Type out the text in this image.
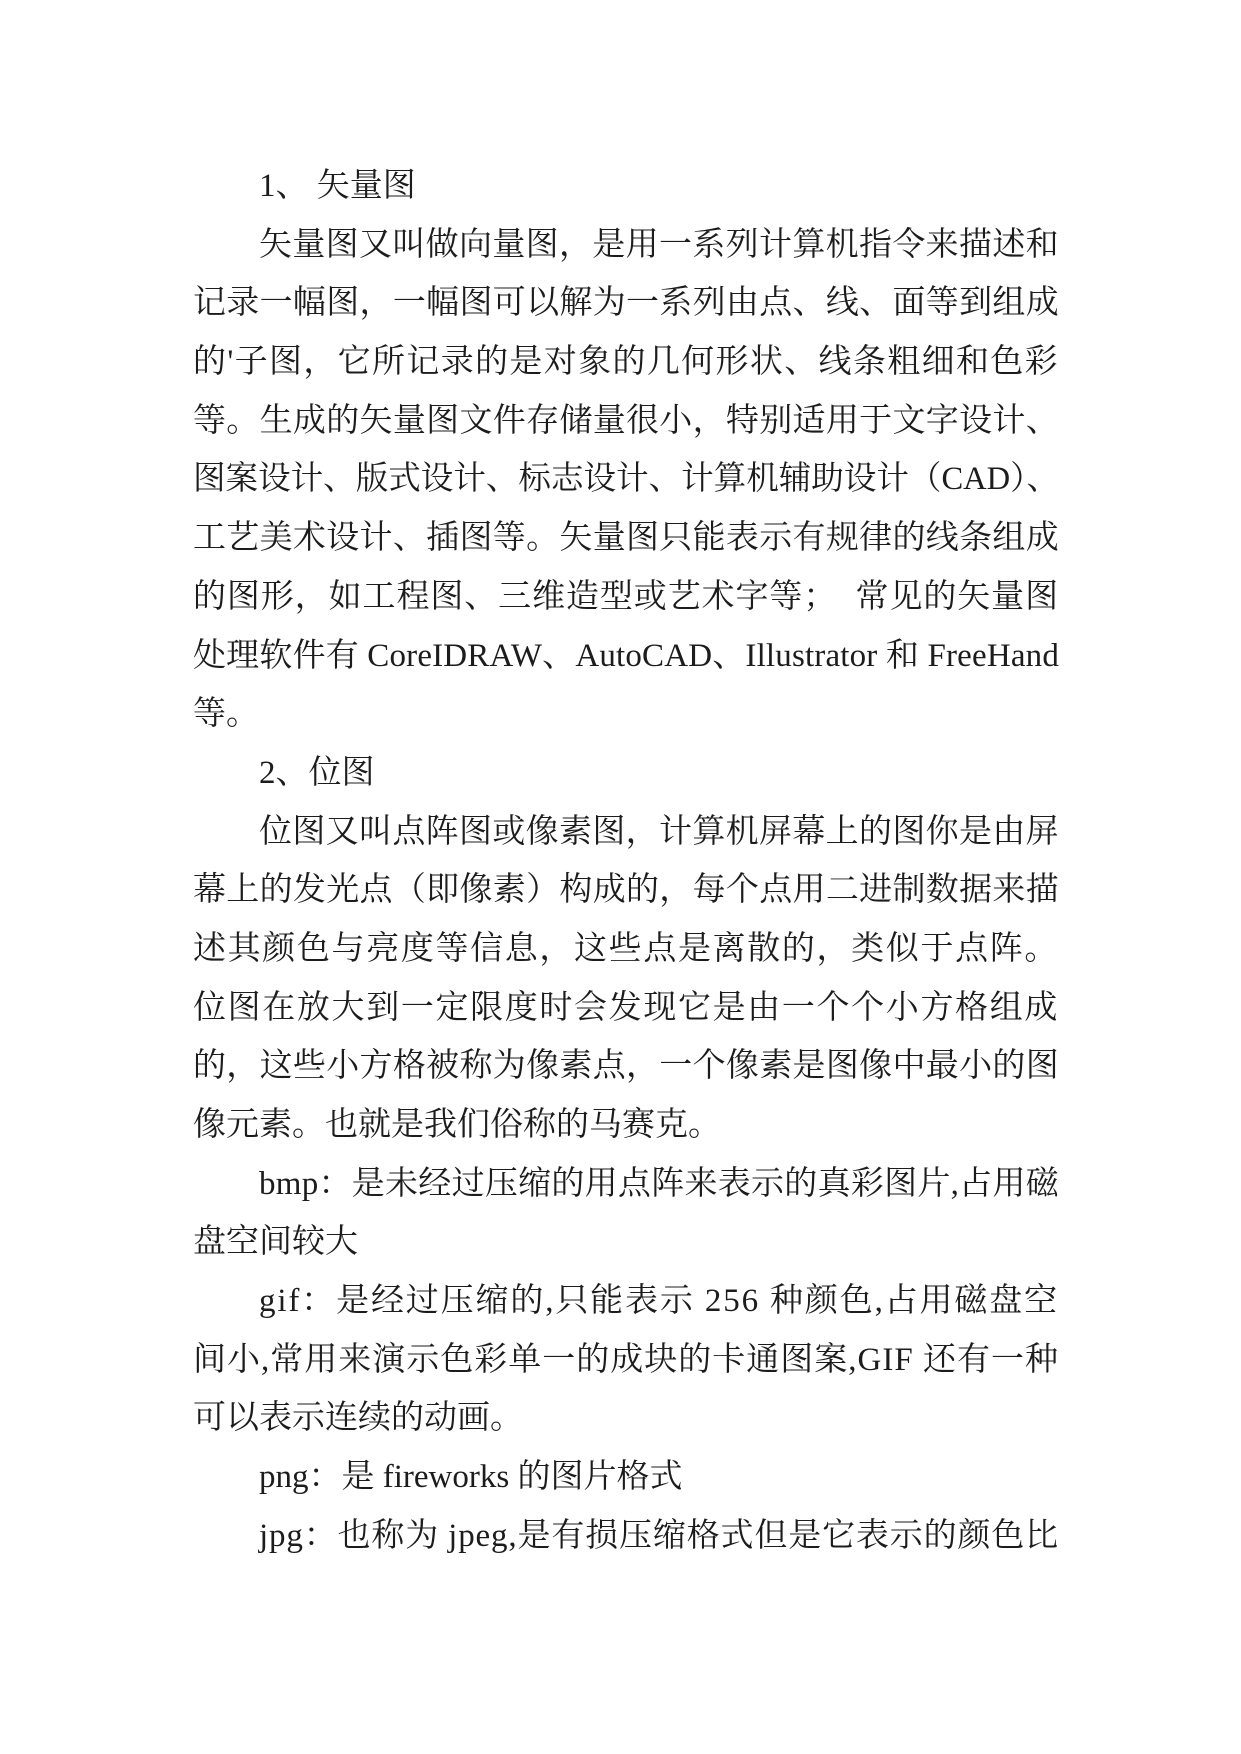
1、 矢量图
矢量图又叫做向量图，是用一系列计算机指令来描述和
记录一幅图，一幅图可以解为一系列由点、线、面等到组成
的'子图，它所记录的是对象的几何形状、线条粗细和色彩
等。生成的矢量图文件存储量很小，特别适用于文字设计、
图案设计、版式设计、标志设计、计算机辅助设计（CAD）、
工艺美术设计、插图等。矢量图只能表示有规律的线条组成
的图形，如工程图、三维造型或艺术字等；  常见的矢量图
处理软件有 CoreIDRAW、AutoCAD、Illustrator 和 FreeHand
等。
2、位图
位图又叫点阵图或像素图，计算机屏幕上的图你是由屏
幕上的发光点（即像素）构成的，每个点用二进制数据来描
述其颜色与亮度等信息，这些点是离散的，类似于点阵。
位图在放大到一定限度时会发现它是由一个个小方格组成
的，这些小方格被称为像素点，一个像素是图像中最小的图
像元素。也就是我们俗称的马赛克。
bmp：是未经过压缩的用点阵来表示的真彩图片,占用磁
盘空间较大
gif：是经过压缩的,只能表示 256 种颜色,占用磁盘空
间小,常用来演示色彩单一的成块的卡通图案,GIF 还有一种
可以表示连续的动画。
png：是 fireworks 的图片格式
jpg：也称为 jpeg,是有损压缩格式但是它表示的颜色比
